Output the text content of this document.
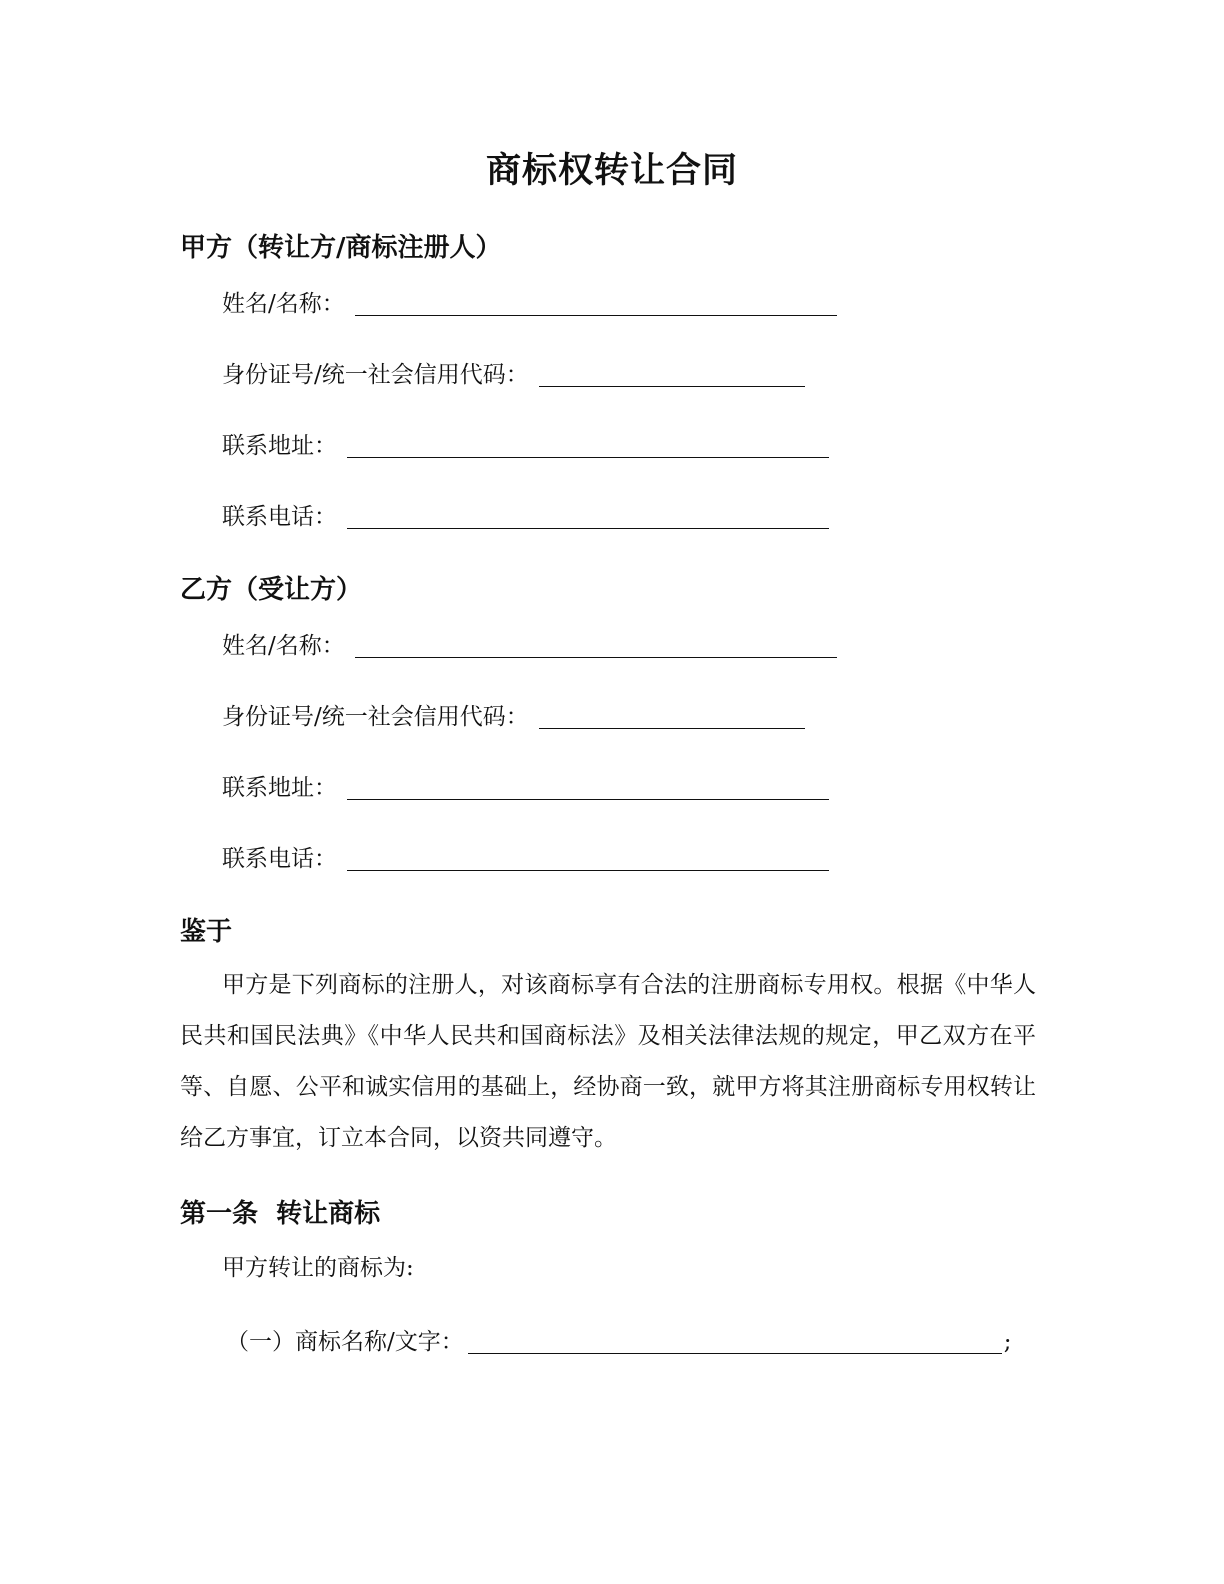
商标权转让合同
甲方（转让方/商标注册人）
姓名/名称：
身份证号/统一社会信用代码：
联系地址：
联系电话：
乙方（受让方）
姓名/名称：
身份证号/统一社会信用代码：
联系地址：
联系电话：
鉴于
甲方是下列商标的注册人，对该商标享有合法的注册商标专用权。根据《中华人民共和国民法典》《中华人民共和国商标法》及相关法律法规的规定，甲乙双方在平等、自愿、公平和诚实信用的基础上，经协商一致，就甲方将其注册商标专用权转让给乙方事宜，订立本合同，以资共同遵守。
第一条  转让商标
甲方转让的商标为:
（一）商标名称/文字：	;
